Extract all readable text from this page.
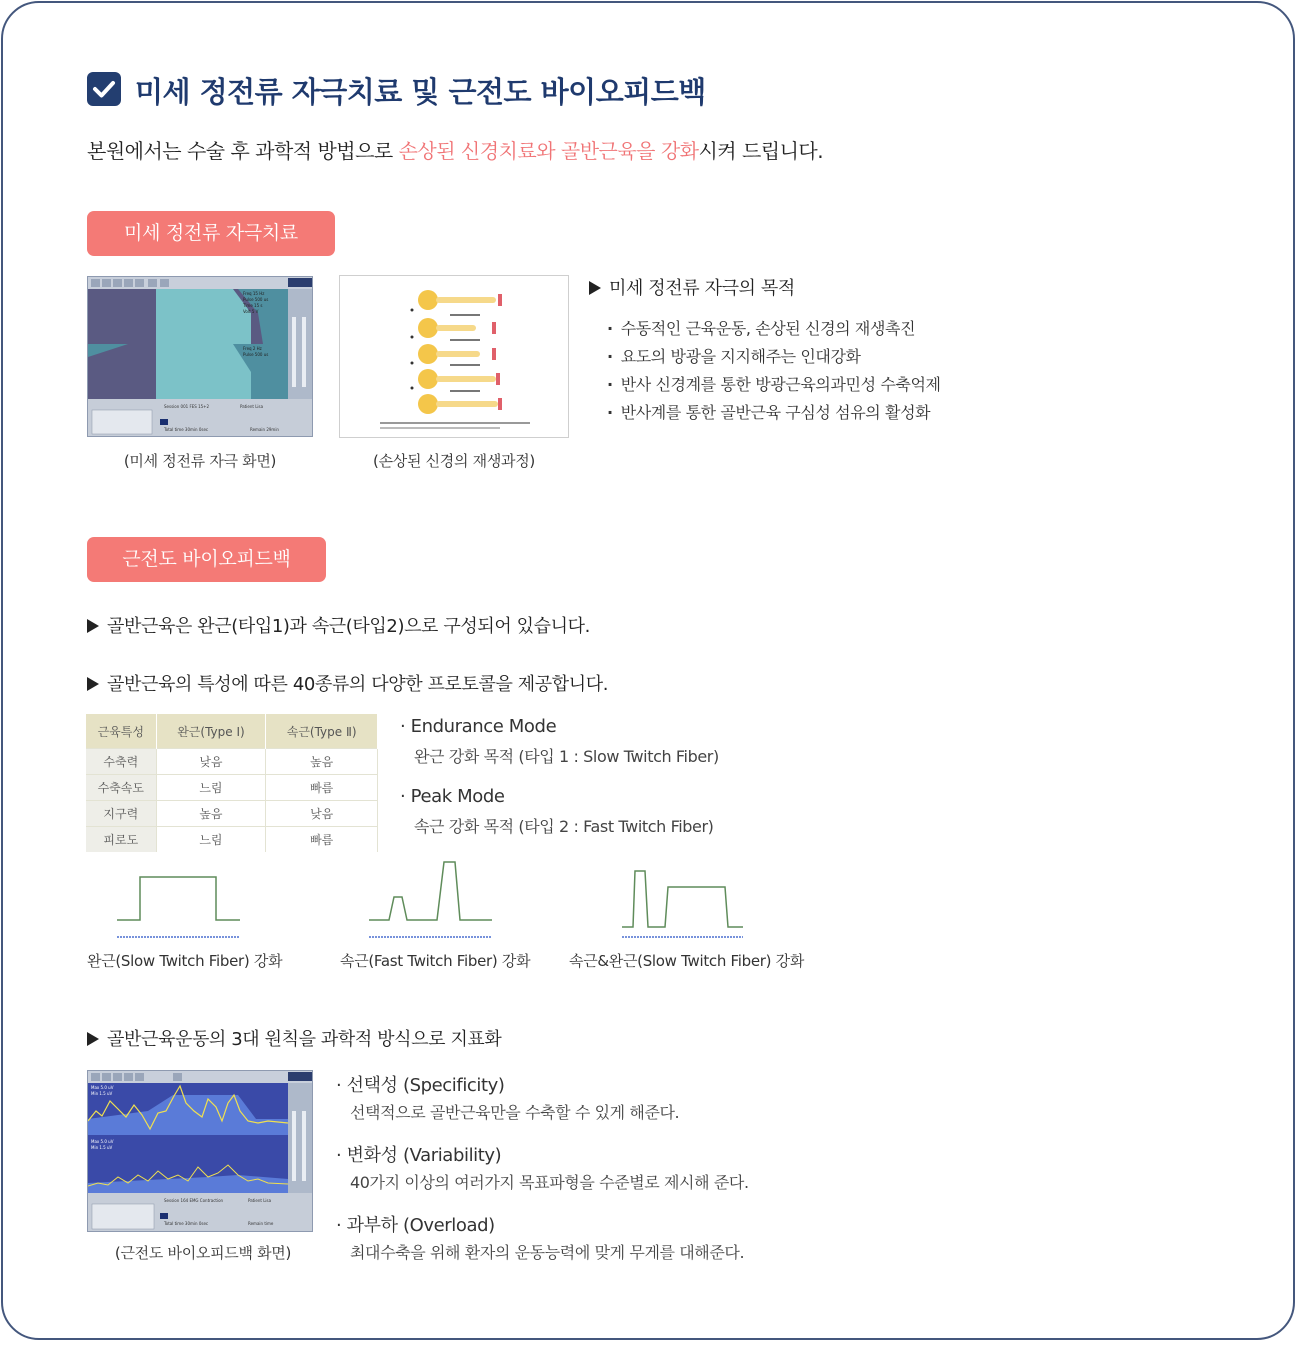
미세 정전류 자극치료 및 근전도 바이오피드백
본원에서는 수술 후 과학적 방법으로 손상된 신경치료와 골반근육을 강화시켜 드립니다.
미세 정전류 자극치료
Freq 15 Hz
Pulse 500 us
Time 15 s
Volt 5 V
Freq 2 Hz
Pulse 500 us
Session 001 FES 15+2	Patient Lisa
Total time 30min 0sec	Remain 29min
(미세 정전류 자극 화면)	(손상된 신경의 재생과정)
미세 정전류 자극의 목적
· 수동적인 근육운동, 손상된 신경의 재생촉진
· 요도의 방광을 지지해주는 인대강화
· 반사 신경계를 통한 방광근육의과민성 수축억제
· 반사계를 통한 골반근육 구심성 섬유의 활성화
근전도 바이오피드백
골반근육은 완근(타입1)과 속근(타입2)으로 구성되어 있습니다.
골반근육의 특성에 따른 40종류의 다양한 프로토콜을 제공합니다.
근육특성	완근(Type Ⅰ)	속근(Type Ⅱ)
수축력	낮음	높음
수축속도	느림	빠름
지구력	높음	낮음
피로도	느림	빠름
· Endurance Mode
완근 강화 목적 (타입 1 : Slow Twitch Fiber)
· Peak Mode
속근 강화 목적 (타입 2 : Fast Twitch Fiber)
완근(Slow Twitch Fiber) 강화	속근(Fast Twitch Fiber) 강화	속근&완근(Slow Twitch Fiber) 강화
골반근육운동의 3대 원칙을 과학적 방식으로 지표화
Max 5.0 uV
Min 1.5 uV
Max 5.0 uV
Min 1.5 uV
Session 164 EMG Contraction	Patient Lisa
Total time 30min 0sec	Remain time
(근전도 바이오피드백 화면)
· 선택성 (Specificity)
선택적으로 골반근육만을 수축할 수 있게 해준다.
· 변화성 (Variability)
40가지 이상의 여러가지 목표파형을 수준별로 제시해 준다.
· 과부하 (Overload)
최대수축을 위해 환자의 운동능력에 맞게 무게를 대해준다.
